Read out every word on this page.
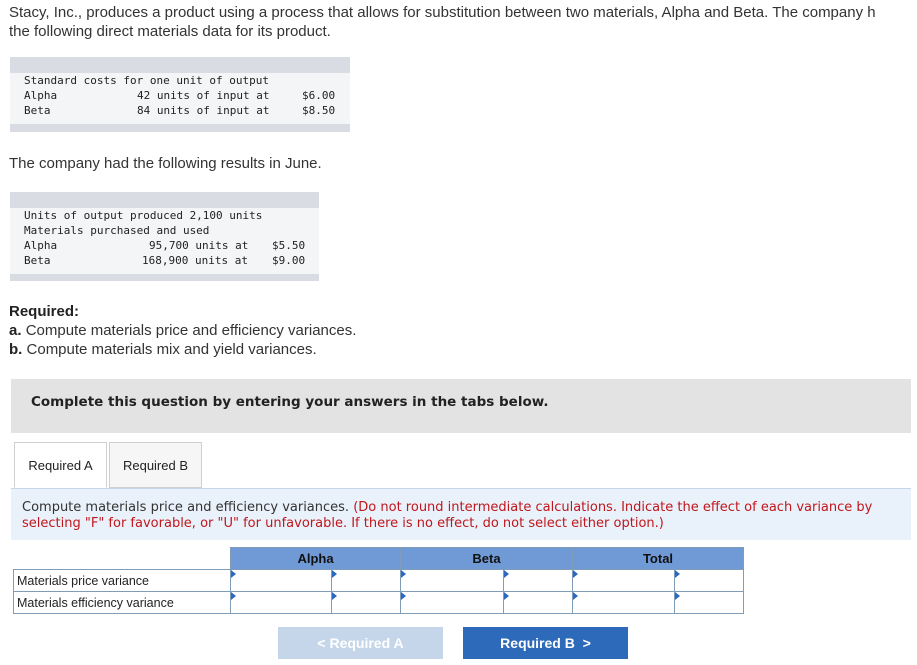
Stacy, Inc., produces a product using a process that allows for substitution between two materials, Alpha and Beta. The company h
the following direct materials data for its product.
Standard costs for one unit of output
Alpha	42 units of input at	$6.00
Beta	84 units of input at	$8.50
The company had the following results in June.
Units of output produced 2,100 units
Materials purchased and used
Alpha	95,700 units at $5.50
Beta	168,900 units at $9.00
Required:
a. Compute materials price and efficiency variances.
b. Compute materials mix and yield variances.
Complete this question by entering your answers in the tabs below.
Required A	Required B

Compute materials price and efficiency variances. (Do not round intermediate calculations. Indicate the effect of each variance by selecting "F" for favorable, or "U" for unfavorable. If there is no effect, do not select either option.)

	Alpha		Beta		Total	
Materials price variance						
Materials efficiency variance						
< Required A	Required B  >
